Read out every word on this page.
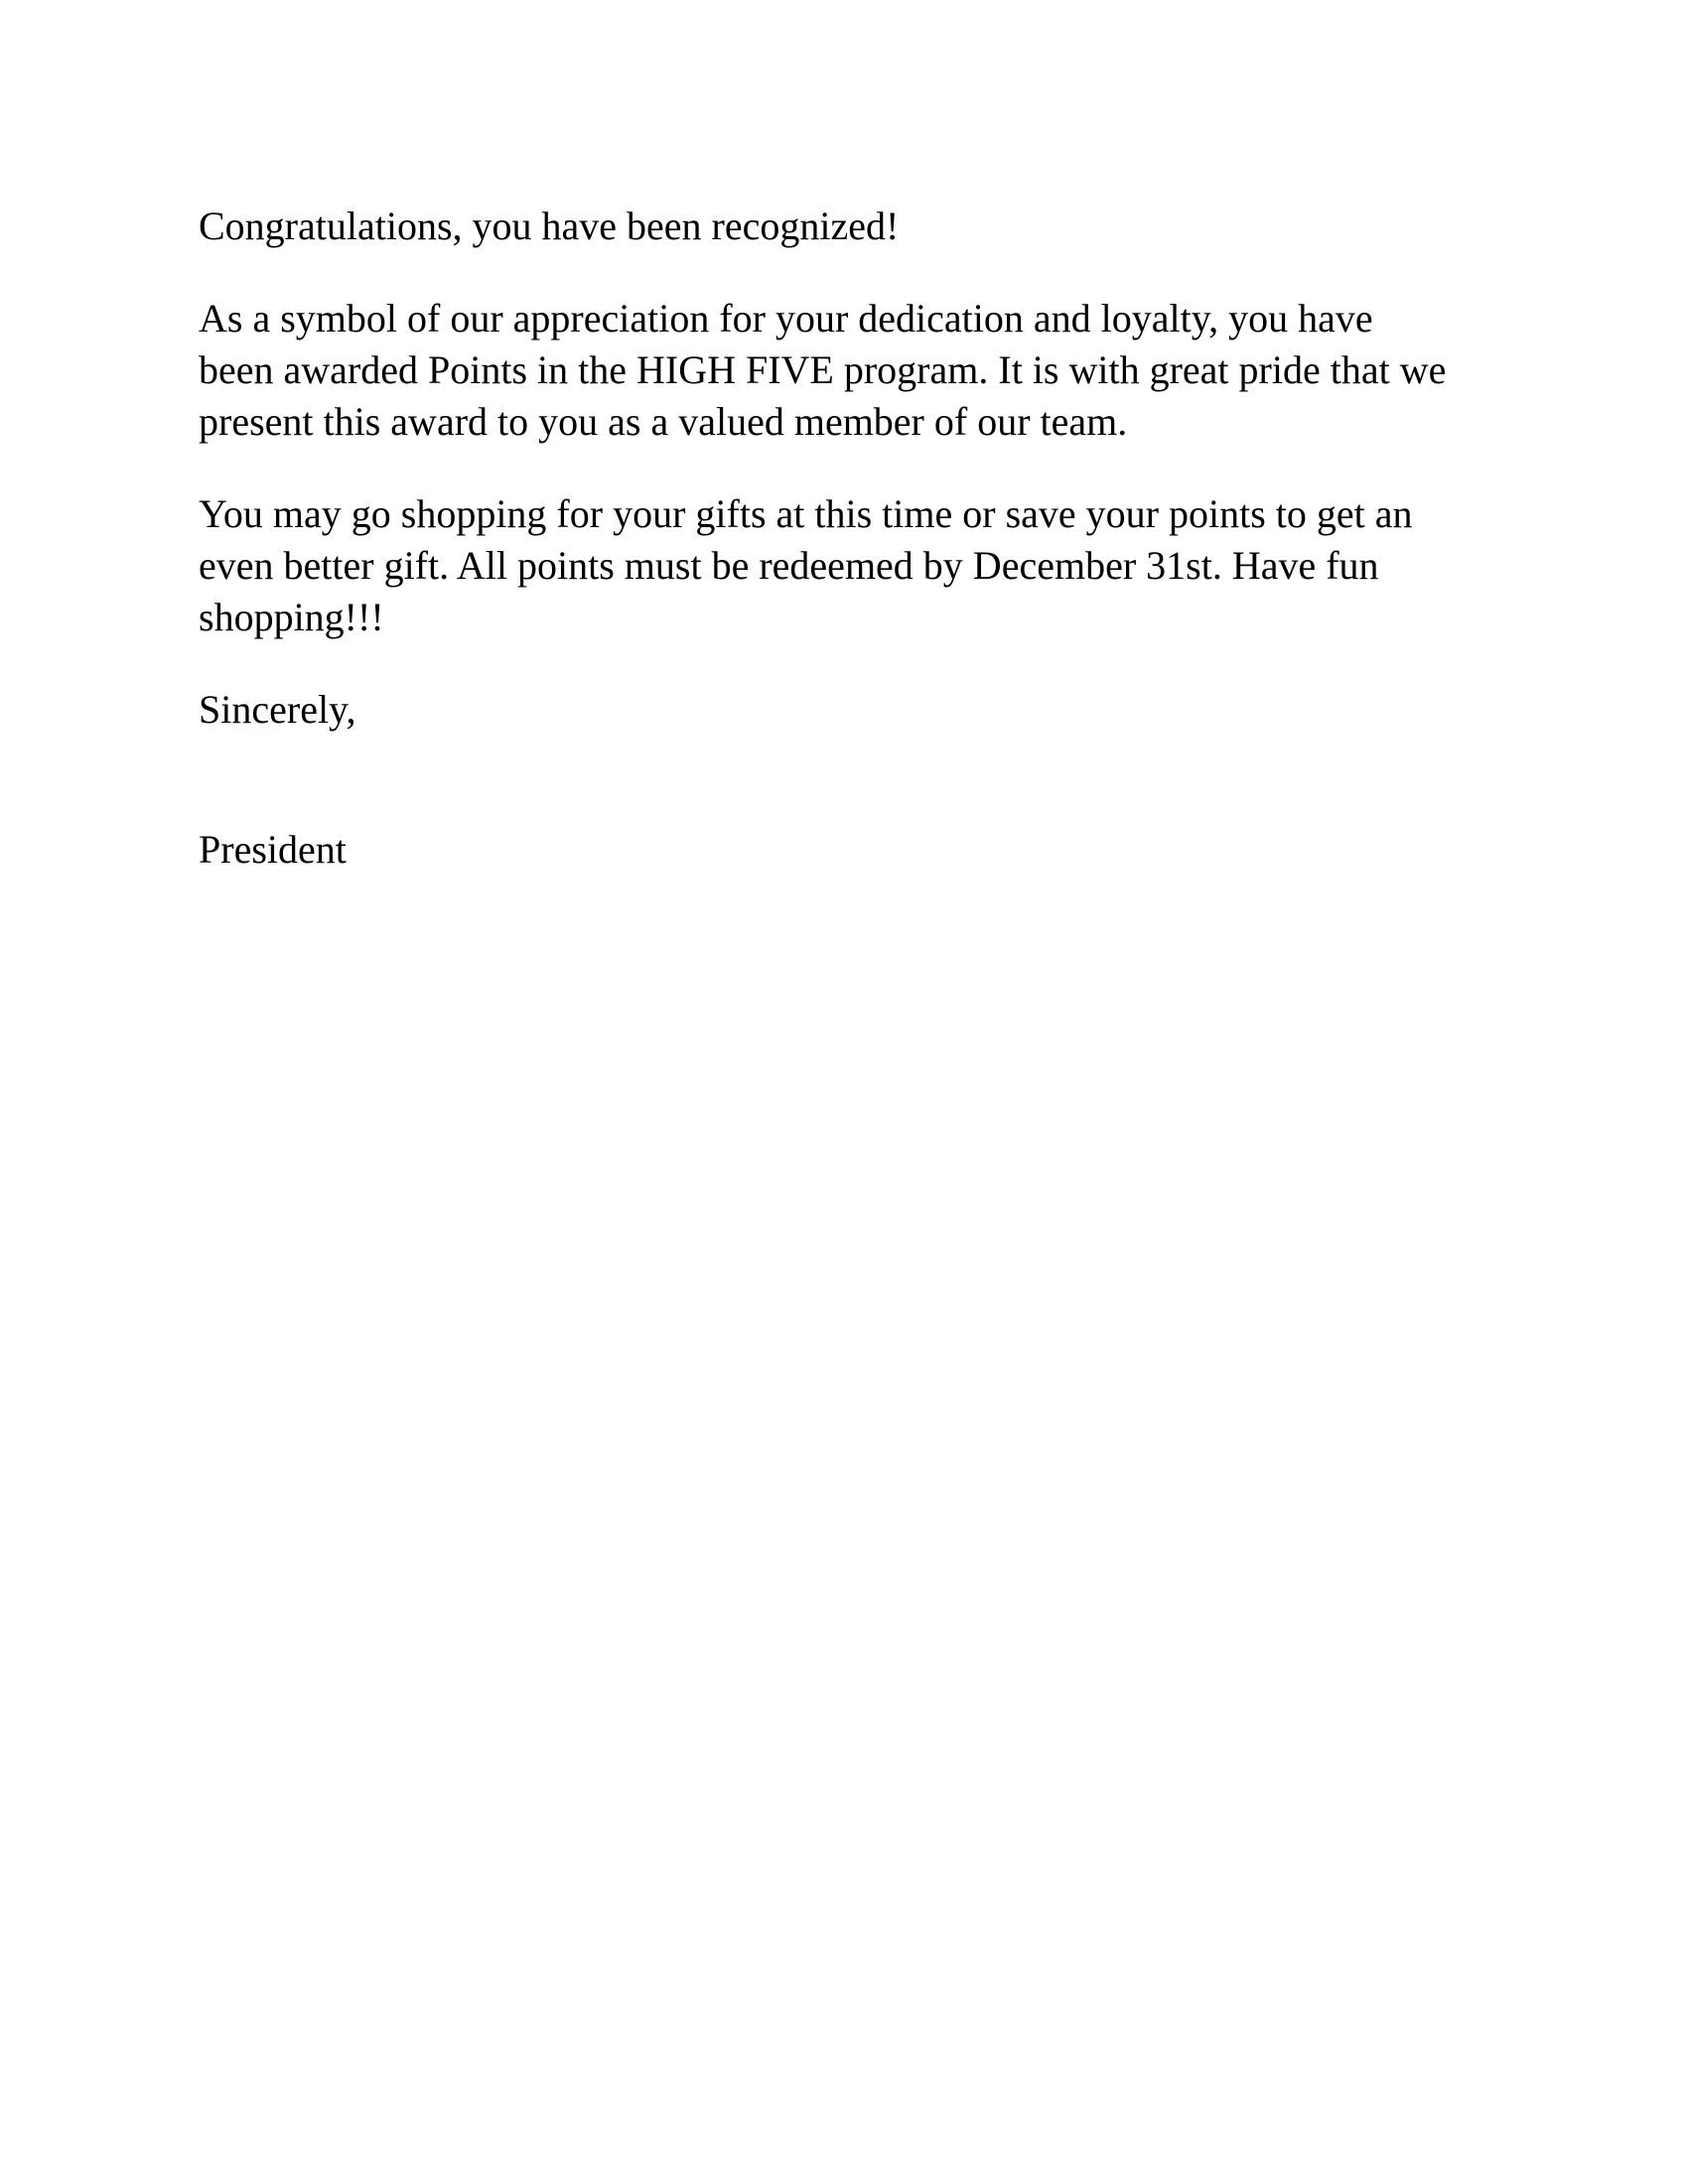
Congratulations, you have been recognized!

As a symbol of our appreciation for your dedication and loyalty, you have
been awarded Points in the HIGH FIVE program. It is with great pride that we
present this award to you as a valued member of our team.

You may go shopping for your gifts at this time or save your points to get an
even better gift. All points must be redeemed by December 31st. Have fun
shopping!!!

Sincerely,

President
